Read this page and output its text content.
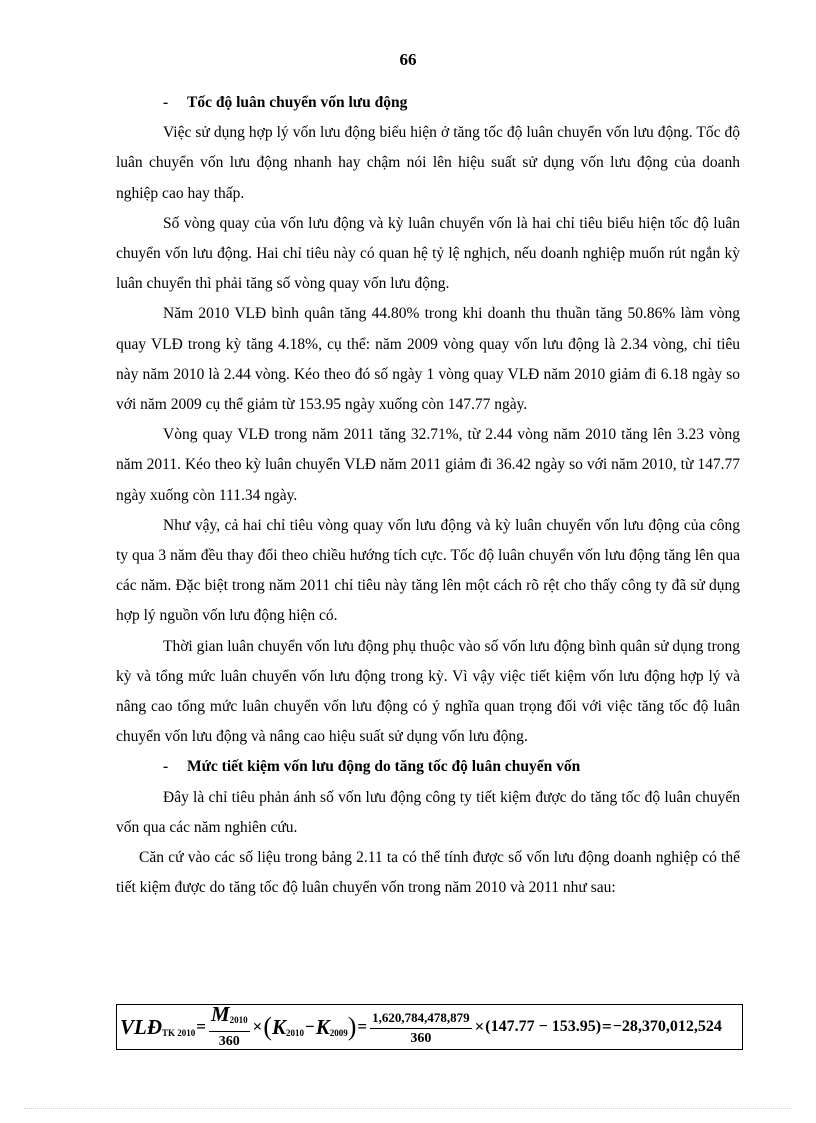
66

- Tốc độ luân chuyển vốn lưu động

Việc sử dụng hợp lý vốn lưu động biểu hiện ở tăng tốc độ luân chuyển vốn lưu động. Tốc độ luân chuyển vốn lưu động nhanh hay chậm nói lên hiệu suất sử dụng vốn lưu động của doanh nghiệp cao hay thấp.

Số vòng quay của vốn lưu động và kỳ luân chuyển vốn là hai chỉ tiêu biểu hiện tốc độ luân chuyển vốn lưu động. Hai chỉ tiêu này có quan hệ tỷ lệ nghịch, nếu doanh nghiệp muốn rút ngắn kỳ luân chuyển thì phải tăng số vòng quay vốn lưu động.

Năm 2010 VLĐ bình quân tăng 44.80% trong khi doanh thu thuần tăng 50.86% làm vòng quay VLĐ trong kỳ tăng 4.18%, cụ thể: năm 2009 vòng quay vốn lưu động là 2.34 vòng, chỉ tiêu này năm 2010 là 2.44 vòng. Kéo theo đó số ngày 1 vòng quay VLĐ năm 2010 giảm đi 6.18 ngày so với năm 2009 cụ thể giảm từ 153.95 ngày xuống còn 147.77 ngày.

Vòng quay VLĐ trong năm 2011 tăng 32.71%, từ 2.44 vòng năm 2010 tăng lên 3.23 vòng năm 2011. Kéo theo kỳ luân chuyển VLĐ năm 2011 giảm đi 36.42 ngày so với năm 2010, từ 147.77 ngày xuống còn 111.34 ngày.

Như vậy, cả hai chỉ tiêu vòng quay vốn lưu động và kỳ luân chuyển vốn lưu động của công ty qua 3 năm đều thay đổi theo chiều hướng tích cực. Tốc độ luân chuyển vốn lưu động tăng lên qua các năm. Đặc biệt trong năm 2011 chỉ tiêu này tăng lên một cách rõ rệt cho thấy công ty đã sử dụng hợp lý nguồn vốn lưu động hiện có.

Thời gian luân chuyển vốn lưu động phụ thuộc vào số vốn lưu động bình quân sử dụng trong kỳ và tổng mức luân chuyển vốn lưu động trong kỳ. Vì vậy việc tiết kiệm vốn lưu động hợp lý và nâng cao tổng mức luân chuyển vốn lưu động có ý nghĩa quan trọng đối với việc tăng tốc độ luân chuyển vốn lưu động và nâng cao hiệu suất sử dụng vốn lưu động.

- Mức tiết kiệm vốn lưu động do tăng tốc độ luân chuyển vốn

Đây là chỉ tiêu phản ánh số vốn lưu động công ty tiết kiệm được do tăng tốc độ luân chuyển vốn qua các năm nghiên cứu.

Căn cứ vào các số liệu trong bảng 2.11 ta có thể tính được số vốn lưu động doanh nghiệp có thể tiết kiệm được do tăng tốc độ luân chuyển vốn trong năm 2010 và 2011 như sau:

VLĐTK $2010 = \frac{M2010}{360}$ × ( K2010 − K2009 ) = $\frac{1,620,784,478,879}{360} \times (147.77 - 153.95) = -28,370,012,524$
